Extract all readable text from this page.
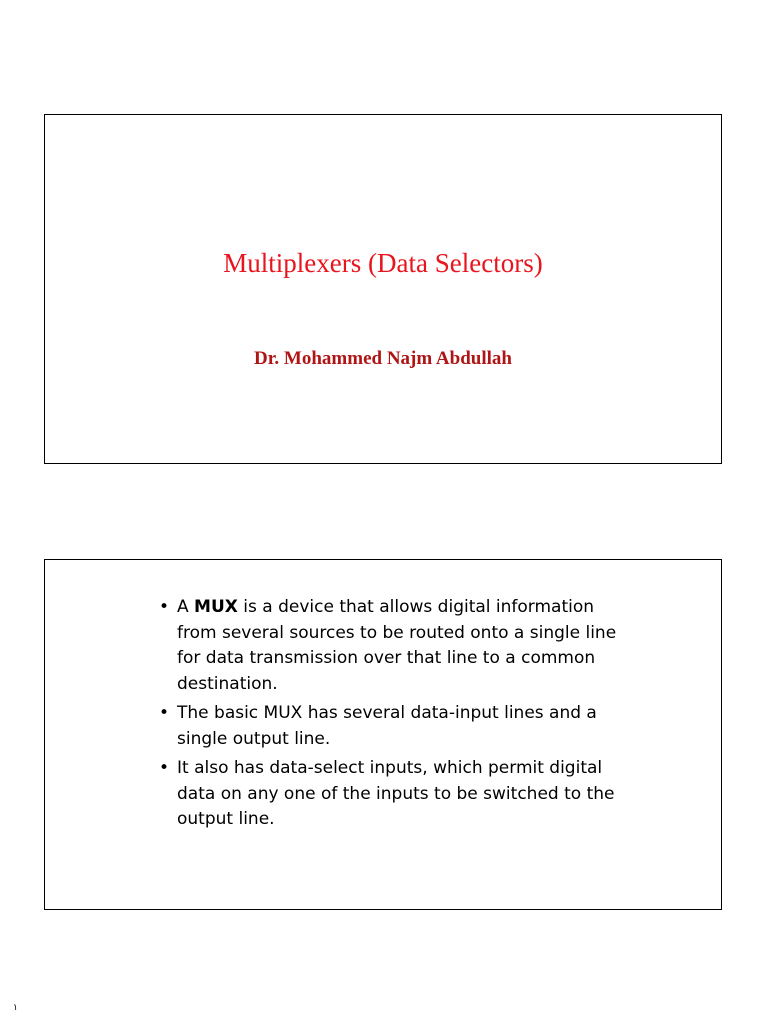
Multiplexers (Data Selectors)

Dr. Mohammed Najm Abdullah

• A MUX is a device that allows digital information from several sources to be routed onto a single line for data transmission over that line to a common destination.
• The basic MUX has several data-input lines and a single output line.
• It also has data-select inputs, which permit digital data on any one of the inputs to be switched to the output line.
١
